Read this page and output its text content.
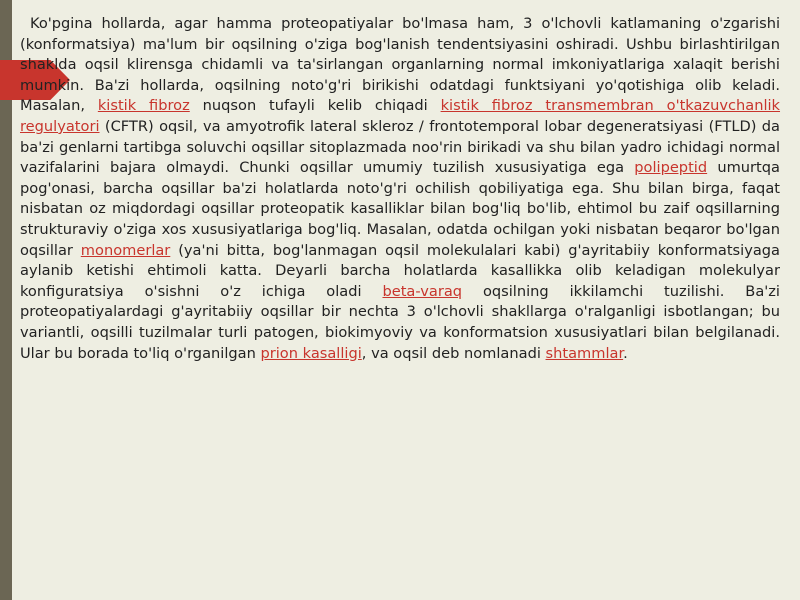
Ko'pgina hollarda, agar hamma proteopatiyalar bo'lmasa ham, 3 o'lchovli katlamaning o'zgarishi (konformatsiya) ma'lum bir oqsilning o'ziga bog'lanish tendentsiyasini oshiradi. Ushbu birlashtirilgan shaklda oqsil klirensga chidamli va ta'sirlangan organlarning normal imkoniyatlariga xalaqit berishi mumkin. Ba'zi hollarda, oqsilning noto'g'ri birikishi odatdagi funktsiyani yo'qotishiga olib keladi. Masalan, kistik fibroz nuqson tufayli kelib chiqadi kistik fibroz transmembran o'tkazuvchanlik regulyatori (CFTR) oqsil, va amyotrofik lateral skleroz / frontotemporal lobar degeneratsiyasi (FTLD) da ba'zi genlarni tartibga soluvchi oqsillar sitoplazmada noo'rin birikadi va shu bilan yadro ichidagi normal vazifalarini bajara olmaydi. Chunki oqsillar umumiy tuzilish xususiyatiga ega polipeptid umurtqa pog'onasi, barcha oqsillar ba'zi holatlarda noto'g'ri ochilish qobiliyatiga ega. Shu bilan birga, faqat nisbatan oz miqdordagi oqsillar proteopatik kasalliklar bilan bog'liq bo'lib, ehtimol bu zaif oqsillarning strukturaviy o'ziga xos xususiyatlariga bog'liq. Masalan, odatda ochilgan yoki nisbatan beqaror bo'lgan oqsillar monomerlar (ya'ni bitta, bog'lanmagan oqsil molekulalari kabi) g'ayritabiiy konformatsiyaga aylanib ketishi ehtimoli katta. Deyarli barcha holatlarda kasallikka olib keladigan molekulyar konfiguratsiya o'sishni o'z ichiga oladi beta-varaq oqsilning ikkilamchi tuzilishi. Ba'zi proteopatiyalardagi g'ayritabiiy oqsillar bir nechta 3 o'lchovli shakllarga o'ralganligi isbotlangan; bu variantli, oqsilli tuzilmalar turli patogen, biokimyoviy va konformatsion xususiyatlari bilan belgilanadi. Ular bu borada to'liq o'rganilgan prion kasalligi, va oqsil deb nomlanadi shtammlar.
